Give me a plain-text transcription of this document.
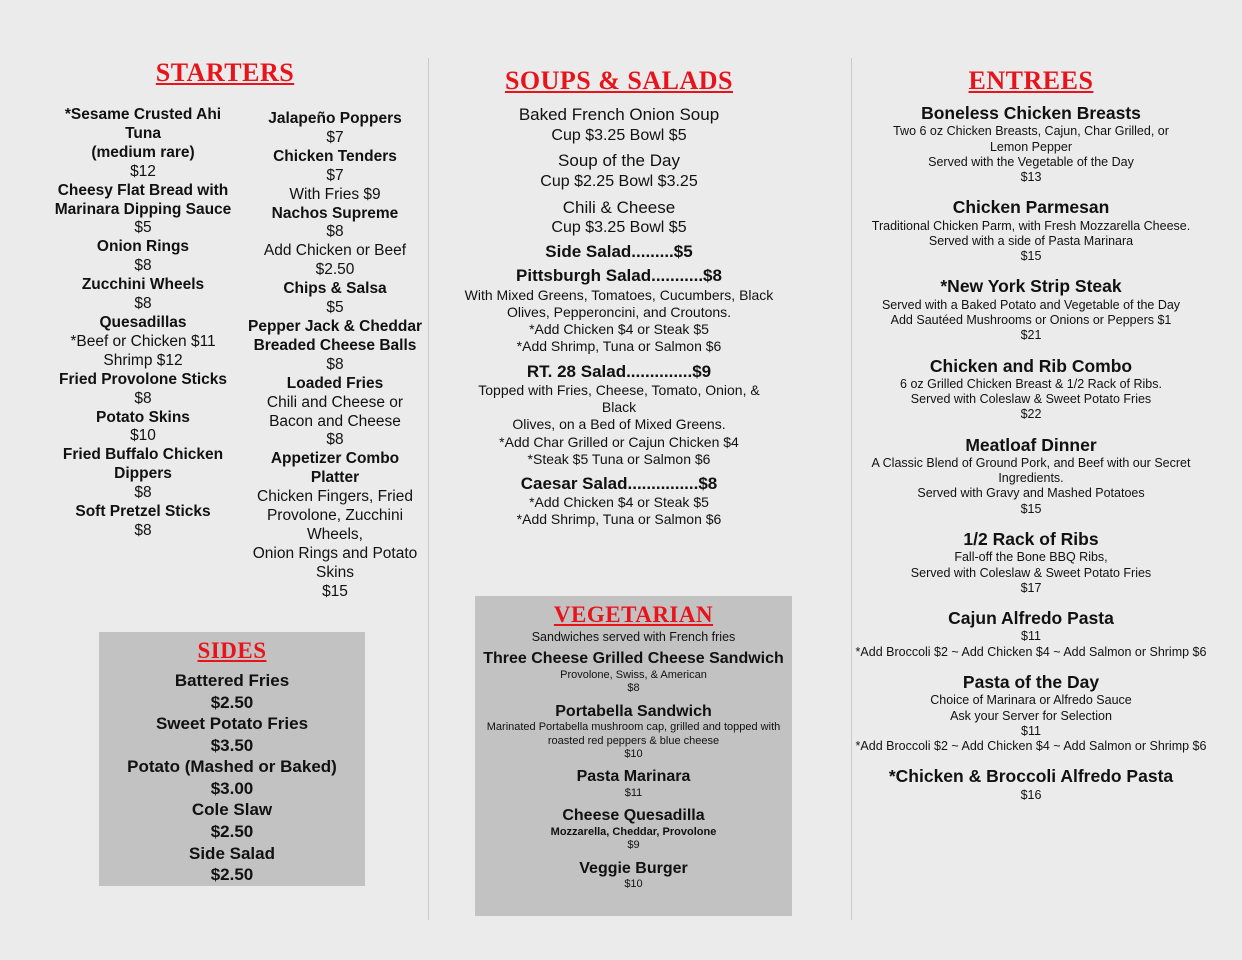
STARTERS
*Sesame Crusted Ahi
Tuna
(medium rare)
$12
Cheesy Flat Bread with
Marinara Dipping Sauce
$5
Onion Rings
$8
Zucchini Wheels
$8
Quesadillas
*Beef or Chicken $11
Shrimp $12
Fried Provolone Sticks
$8
Potato Skins
$10
Fried Buffalo Chicken
Dippers
$8
Soft Pretzel Sticks
$8
Jalapeño Poppers
$7
Chicken Tenders
$7
With Fries $9
Nachos Supreme
$8
Add Chicken or Beef
$2.50
Chips & Salsa
$5
Pepper Jack & Cheddar
Breaded Cheese Balls
$8
Loaded Fries
Chili and Cheese or
Bacon and Cheese
$8
Appetizer Combo Platter
Chicken Fingers, Fried
Provolone, Zucchini
Wheels,
Onion Rings and Potato
Skins
$15
SIDES
Battered Fries
$2.50
Sweet Potato Fries
$3.50
Potato (Mashed or Baked)
$3.00
Cole Slaw
$2.50
Side Salad
$2.50
SOUPS & SALADS
Baked French Onion Soup
Cup $3.25 Bowl $5
Soup of the Day
Cup $2.25 Bowl $3.25
Chili & Cheese
Cup $3.25 Bowl $5
Side Salad.........$5
Pittsburgh Salad...........$8
With Mixed Greens, Tomatoes, Cucumbers, Black
Olives, Pepperoncini, and Croutons.
*Add Chicken $4 or Steak $5
*Add Shrimp, Tuna or Salmon $6
RT. 28 Salad..............$9
Topped with Fries, Cheese, Tomato, Onion, & Black
Olives, on a Bed of Mixed Greens.
*Add Char Grilled or Cajun Chicken $4
*Steak $5 Tuna or Salmon $6
Caesar Salad...............$8
*Add Chicken $4 or Steak $5
*Add Shrimp, Tuna or Salmon $6
VEGETARIAN
Sandwiches served with French fries
Three Cheese Grilled Cheese Sandwich
Provolone, Swiss, & American
$8
Portabella Sandwich
Marinated Portabella mushroom cap, grilled and topped with
roasted red peppers & blue cheese
$10
Pasta Marinara
$11
Cheese Quesadilla
Mozzarella, Cheddar, Provolone
$9
Veggie Burger
$10
ENTREES
Boneless Chicken Breasts
Two 6 oz Chicken Breasts, Cajun, Char Grilled, or
Lemon Pepper
Served with the Vegetable of the Day
$13
Chicken Parmesan
Traditional Chicken Parm, with Fresh Mozzarella Cheese.
Served with a side of Pasta Marinara
$15
*New York Strip Steak
Served with a Baked Potato and Vegetable of the Day
Add Sautéed Mushrooms or Onions or Peppers $1
$21
Chicken and Rib Combo
6 oz Grilled Chicken Breast & 1/2 Rack of Ribs.
Served with Coleslaw & Sweet Potato Fries
$22
Meatloaf Dinner
A Classic Blend of Ground Pork, and Beef with our Secret Ingredients.
Served with Gravy and Mashed Potatoes
$15
1/2 Rack of Ribs
Fall-off the Bone BBQ Ribs,
Served with Coleslaw & Sweet Potato Fries
$17
Cajun Alfredo Pasta
$11
*Add Broccoli $2 ~ Add Chicken $4 ~ Add Salmon or Shrimp $6
Pasta of the Day
Choice of Marinara or Alfredo Sauce
Ask your Server for Selection
$11
*Add Broccoli $2 ~ Add Chicken $4 ~ Add Salmon or Shrimp $6
*Chicken & Broccoli Alfredo Pasta
$16
